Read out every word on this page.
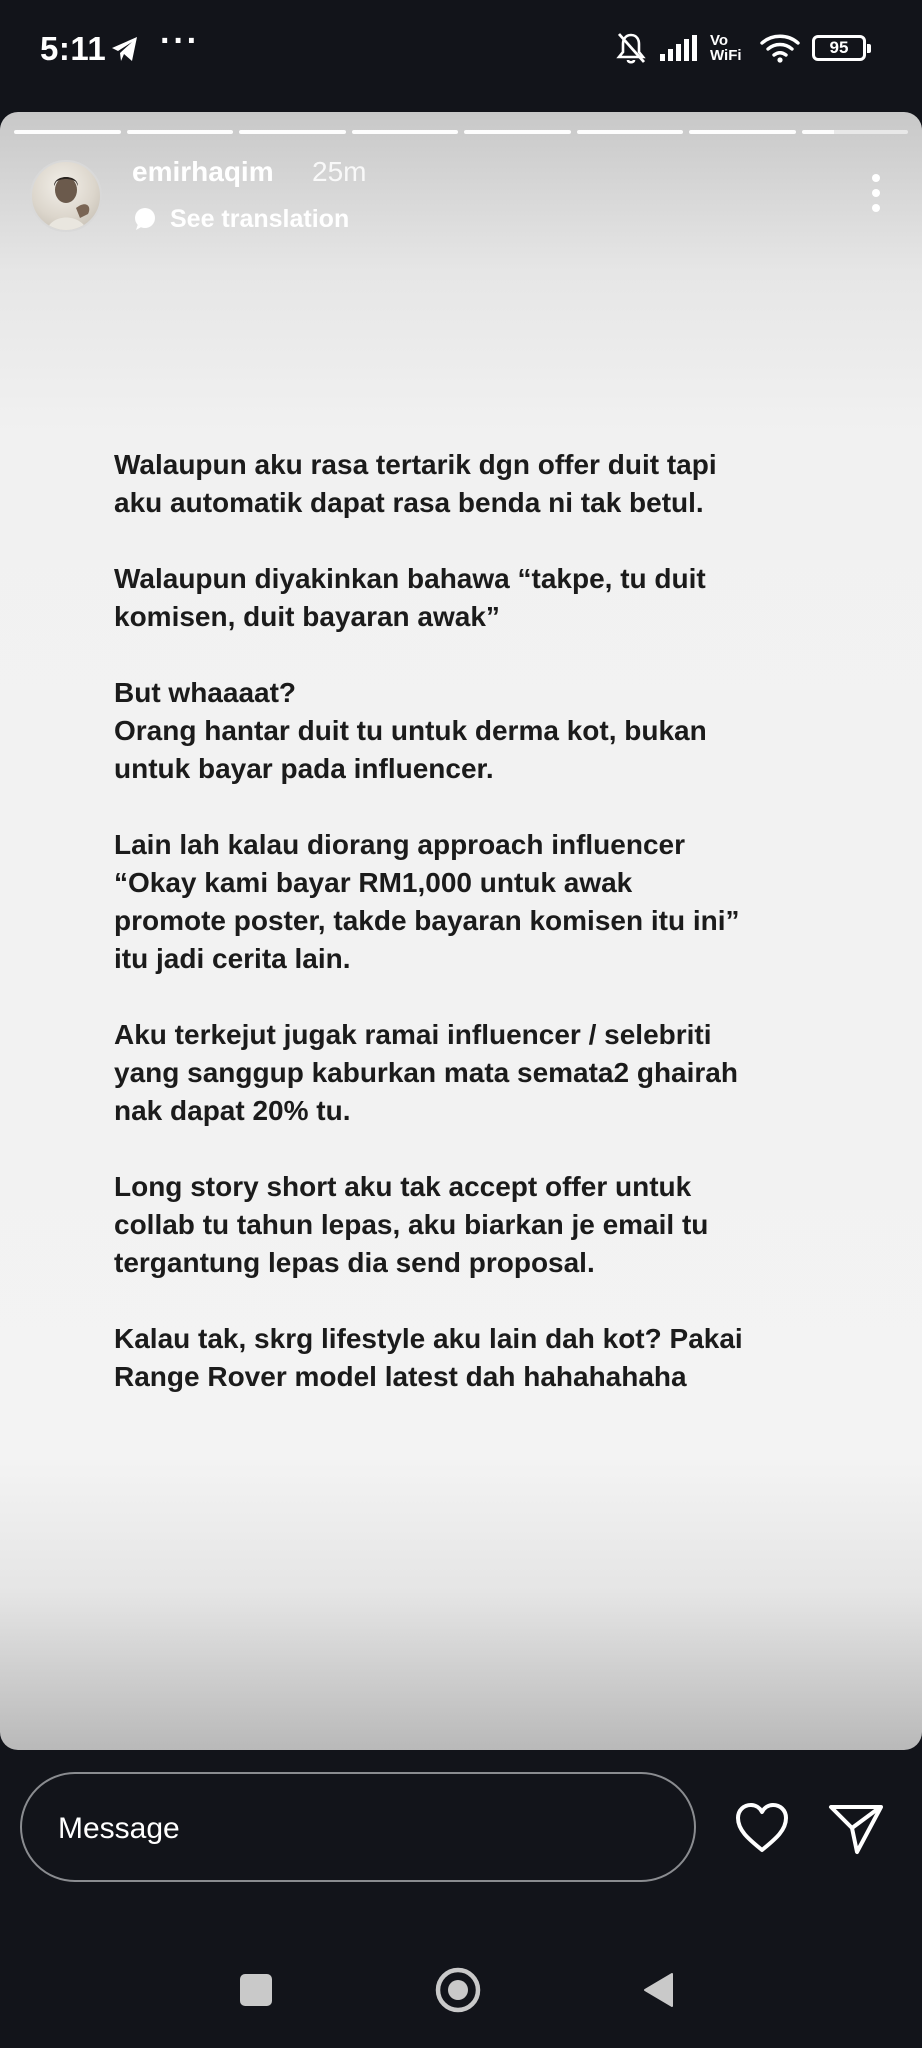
5:11 ···	Vo
WiFi	95
emirhaqim 25m
See translation
Walaupun aku rasa tertarik dgn offer duit tapi
aku automatik dapat rasa benda ni tak betul.
Walaupun diyakinkan bahawa “takpe, tu duit
komisen, duit bayaran awak”
But whaaaat?
Orang hantar duit tu untuk derma kot, bukan
untuk bayar pada influencer.
Lain lah kalau diorang approach influencer
“Okay kami bayar RM1,000 untuk awak
promote poster, takde bayaran komisen itu ini”
itu jadi cerita lain.
Aku terkejut jugak ramai influencer / selebriti
yang sanggup kaburkan mata semata2 ghairah
nak dapat 20% tu.
Long story short aku tak accept offer untuk
collab tu tahun lepas, aku biarkan je email tu
tergantung lepas dia send proposal.
Kalau tak, skrg lifestyle aku lain dah kot? Pakai
Range Rover model latest dah hahahahaha
Message
